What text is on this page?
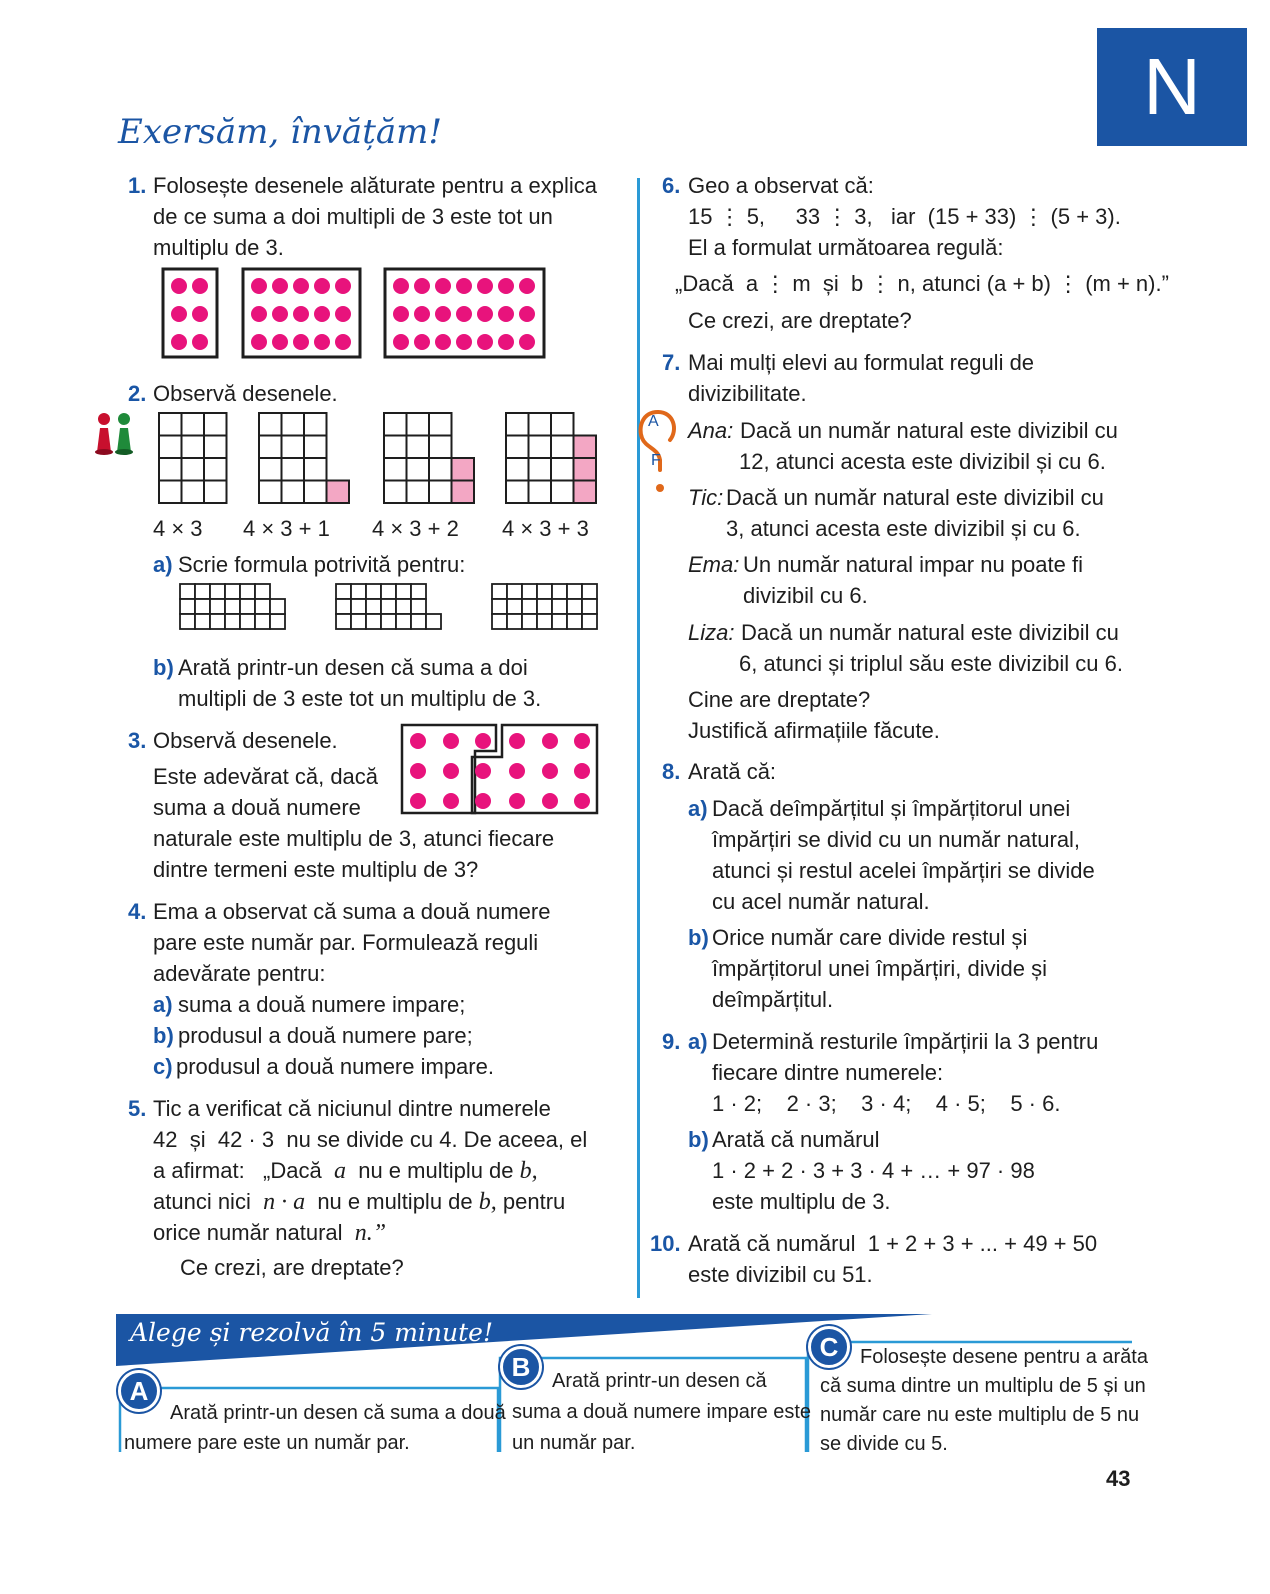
N
Exersăm, învățăm!
1. Folosește desenele alăturate pentru a explica
de ce suma a doi multipli de 3 este tot un
multiplu de 3.
2. Observă desenele.
4 × 3 4 × 3 + 1 4 × 3 + 2 4 × 3 + 3
a) Scrie formula potrivită pentru:
b) Arată printr-un desen că suma a doi
multipli de 3 este tot un multiplu de 3.
3. Observă desenele.
Este adevărat că, dacă
suma a două numere
naturale este multiplu de 3, atunci fiecare
dintre termeni este multiplu de 3?
4. Ema a observat că suma a două numere
pare este număr par. Formulează reguli
adevărate pentru:
a) suma a două numere impare;
b) produsul a două numere pare;
c) produsul a două numere impare.
5. Tic a verificat că niciunul dintre numerele
42 și 42 · 3 nu se divide cu 4. De aceea, el
a afirmat: „Dacă a nu e multiplu de b,
atunci nici n · a nu e multiplu de b, pentru
orice număr natural n.”
Ce crezi, are dreptate?
6. Geo a observat că:
15 ⋮ 5,     33 ⋮ 3,   iar  (15 + 33) ⋮ (5 + 3).
El a formulat următoarea regulă:
„Dacă  a ⋮ m  și  b ⋮ n, atunci (a + b) ⋮ (m + n).”
Ce crezi, are dreptate?
7. Mai mulți elevi au formulat reguli de
divizibilitate.
A
F
Ana: Dacă un număr natural este divizibil cu
12, atunci acesta este divizibil și cu 6.
Tic: Dacă un număr natural este divizibil cu
3, atunci acesta este divizibil și cu 6.
Ema: Un număr natural impar nu poate fi
divizibil cu 6.
Liza: Dacă un număr natural este divizibil cu
6, atunci și triplul său este divizibil cu 6.
Cine are dreptate?
Justifică afirmațiile făcute.
8. Arată că:
a) Dacă deîmpărțitul și împărțitorul unei
împărțiri se divid cu un număr natural,
atunci și restul acelei împărțiri se divide
cu acel număr natural.
b) Orice număr care divide restul și
împărțitorul unei împărțiri, divide și
deîmpărțitul.
9. a) Determină resturile împărțirii la 3 pentru
fiecare dintre numerele:
1 · 2;    2 · 3;    3 · 4;    4 · 5;    5 · 6.
b) Arată că numărul
1 · 2 + 2 · 3 + 3 · 4 + … + 97 · 98
este multiplu de 3.
10. Arată că numărul  1 + 2 + 3 + ... + 49 + 50
este divizibil cu 51.
Alege și rezolvă în 5 minute!
A
Arată printr-un desen că suma a două
numere pare este un număr par.
B	Arată printr-un desen că
suma a două numere impare este
un număr par.
C	Folosește desene pentru a arăta
că suma dintre un multiplu de 5 și un
număr care nu este multiplu de 5 nu
se divide cu 5.
43
